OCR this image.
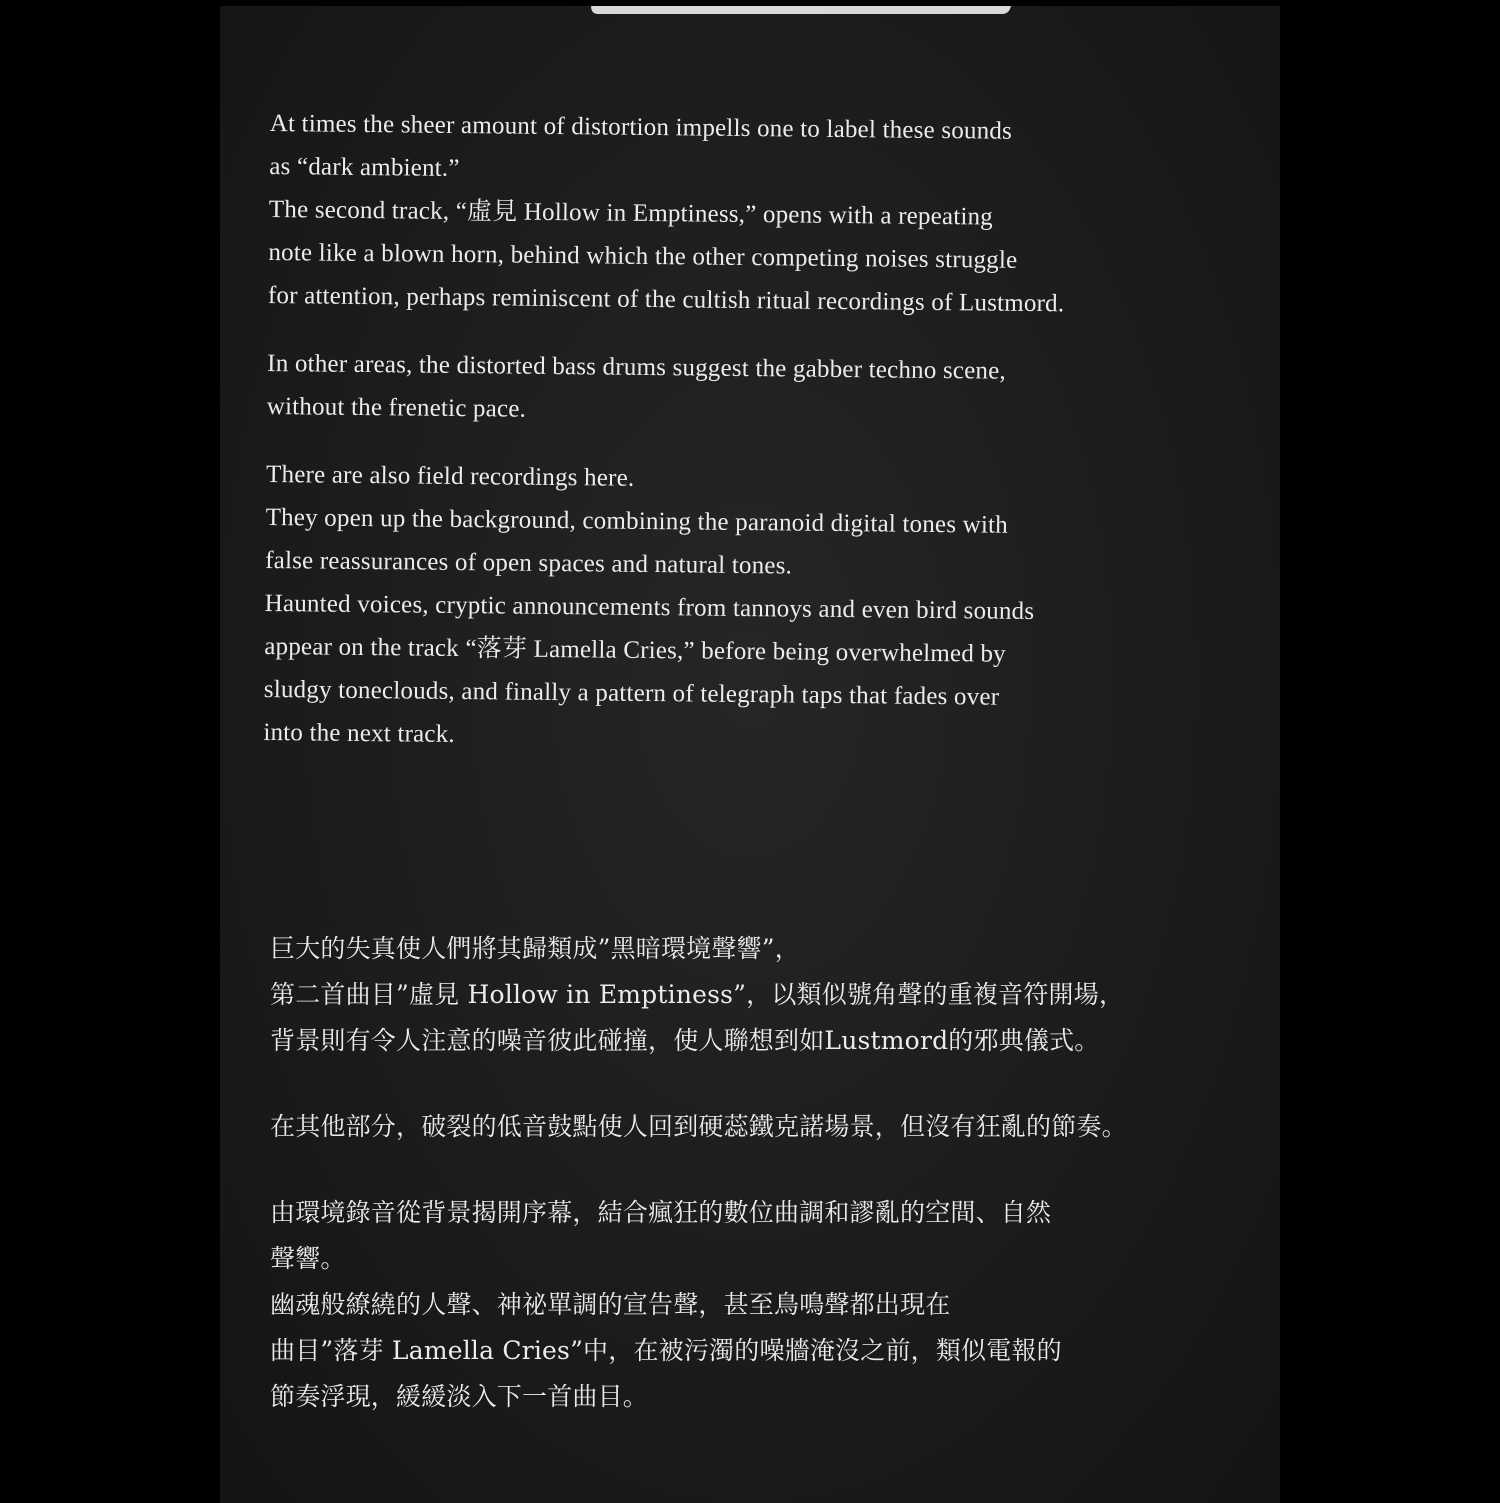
At times the sheer amount of distortion impells one to label these sounds
as “dark ambient.”
The second track, “虛見 Hollow in Emptiness,” opens with a repeating
note like a blown horn, behind which the other competing noises struggle
for attention, perhaps reminiscent of the cultish ritual recordings of Lustmord.
In other areas, the distorted bass drums suggest the gabber techno scene,
without the frenetic pace.
There are also field recordings here.
They open up the background, combining the paranoid digital tones with
false reassurances of open spaces and natural tones.
Haunted voices, cryptic announcements from tannoys and even bird sounds
appear on the track “落芽 Lamella Cries,” before being overwhelmed by
sludgy toneclouds, and finally a pattern of telegraph taps that fades over
into the next track.
巨大的失真使人們將其歸類成”黑暗環境聲響”，
第二首曲目”虛見 Hollow in Emptiness”，以類似號角聲的重複音符開場，
背景則有令人注意的噪音彼此碰撞，使人聯想到如Lustmord的邪典儀式。
在其他部分，破裂的低音鼓點使人回到硬蕊鐵克諾場景，但沒有狂亂的節奏。
由環境錄音從背景揭開序幕，結合瘋狂的數位曲調和謬亂的空間、自然
聲響。
幽魂般繚繞的人聲、神祕單調的宣告聲，甚至鳥鳴聲都出現在
曲目”落芽 Lamella Cries”中，在被污濁的噪牆淹沒之前，類似電報的
節奏浮現，緩緩淡入下一首曲目。
